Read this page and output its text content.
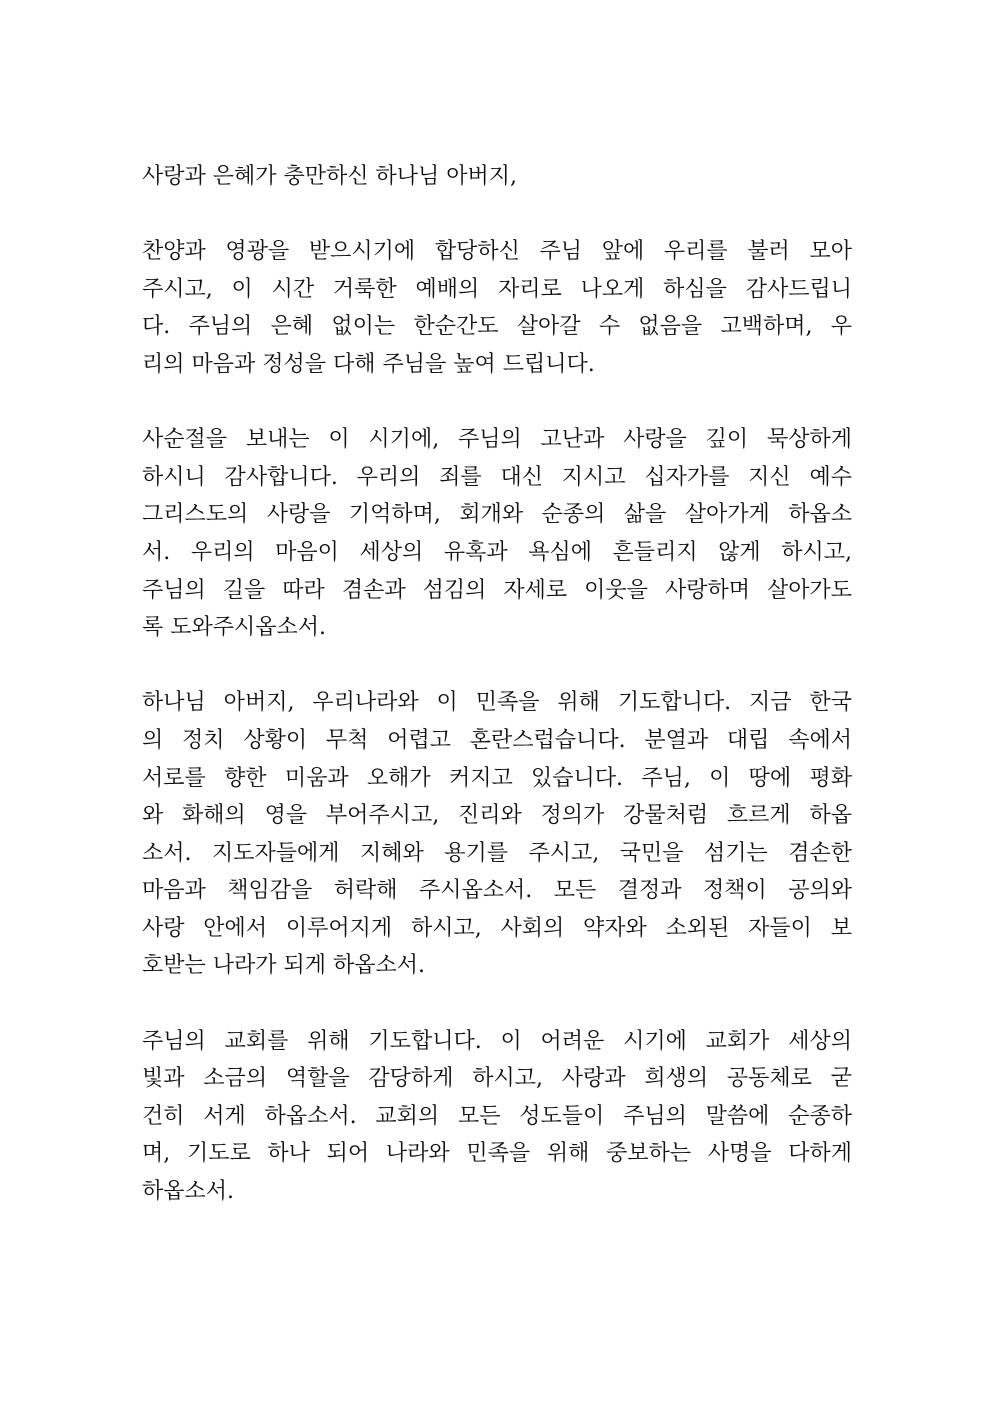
사랑과 은혜가 충만하신 하나님 아버지,

찬양과 영광을 받으시기에 합당하신 주님 앞에 우리를 불러 모아
주시고, 이 시간 거룩한 예배의 자리로 나오게 하심을 감사드립니
다. 주님의 은혜 없이는 한순간도 살아갈 수 없음을 고백하며, 우
리의 마음과 정성을 다해 주님을 높여 드립니다.

사순절을 보내는 이 시기에, 주님의 고난과 사랑을 깊이 묵상하게
하시니 감사합니다. 우리의 죄를 대신 지시고 십자가를 지신 예수
그리스도의 사랑을 기억하며, 회개와 순종의 삶을 살아가게 하옵소
서. 우리의 마음이 세상의 유혹과 욕심에 흔들리지 않게 하시고,
주님의 길을 따라 겸손과 섬김의 자세로 이웃을 사랑하며 살아가도
록 도와주시옵소서.

하나님 아버지, 우리나라와 이 민족을 위해 기도합니다. 지금 한국
의 정치 상황이 무척 어렵고 혼란스럽습니다. 분열과 대립 속에서
서로를 향한 미움과 오해가 커지고 있습니다. 주님, 이 땅에 평화
와 화해의 영을 부어주시고, 진리와 정의가 강물처럼 흐르게 하옵
소서. 지도자들에게 지혜와 용기를 주시고, 국민을 섬기는 겸손한
마음과 책임감을 허락해 주시옵소서. 모든 결정과 정책이 공의와
사랑 안에서 이루어지게 하시고, 사회의 약자와 소외된 자들이 보
호받는 나라가 되게 하옵소서.

주님의 교회를 위해 기도합니다. 이 어려운 시기에 교회가 세상의
빛과 소금의 역할을 감당하게 하시고, 사랑과 희생의 공동체로 굳
건히 서게 하옵소서. 교회의 모든 성도들이 주님의 말씀에 순종하
며, 기도로 하나 되어 나라와 민족을 위해 중보하는 사명을 다하게
하옵소서.
